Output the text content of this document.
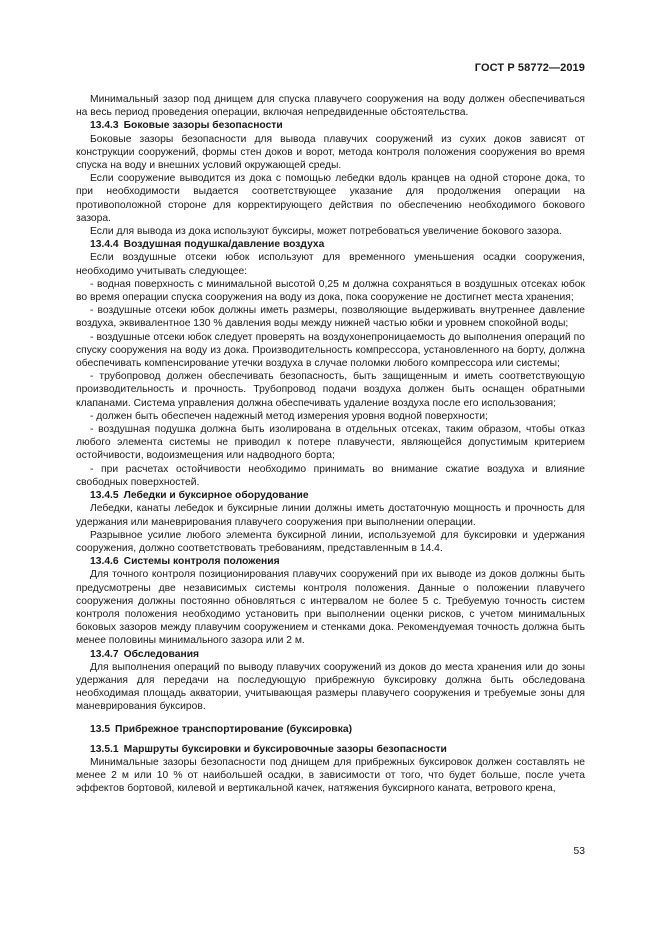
ГОСТ Р 58772—2019

Минимальный зазор под днищем для спуска плавучего сооружения на воду должен обеспечиваться на весь период проведения операции, включая непредвиденные обстоятельства.

13.4.3 Боковые зазоры безопасности

Боковые зазоры безопасности для вывода плавучих сооружений из сухих доков зависят от конструкции сооружений, формы стен доков и ворот, метода контроля положения сооружения во время спуска на воду и внешних условий окружающей среды.

Если сооружение выводится из дока с помощью лебедки вдоль кранцев на одной стороне дока, то при необходимости выдается соответствующее указание для продолжения операции на противоположной стороне для корректирующего действия по обеспечению необходимого бокового зазора.

Если для вывода из дока используют буксиры, может потребоваться увеличение бокового зазора.

13.4.4 Воздушная подушка/давление воздуха

Если воздушные отсеки юбок используют для временного уменьшения осадки сооружения, необходимо учитывать следующее:

- водная поверхность с минимальной высотой 0,25 м должна сохраняться в воздушных отсеках юбок во время операции спуска сооружения на воду из дока, пока сооружение не достигнет места хранения;

- воздушные отсеки юбок должны иметь размеры, позволяющие выдерживать внутреннее давление воздуха, эквивалентное 130 % давления воды между нижней частью юбки и уровнем спокойной воды;

- воздушные отсеки юбок следует проверять на воздухонепроницаемость до выполнения операций по спуску сооружения на воду из дока. Производительность компрессора, установленного на борту, должна обеспечивать компенсирование утечки воздуха в случае поломки любого компрессора или системы;

- трубопровод должен обеспечивать безопасность, быть защищенным и иметь соответствующую производительность и прочность. Трубопровод подачи воздуха должен быть оснащен обратными клапанами. Система управления должна обеспечивать удаление воздуха после его использования;

- должен быть обеспечен надежный метод измерения уровня водной поверхности;

- воздушная подушка должна быть изолирована в отдельных отсеках, таким образом, чтобы отказ любого элемента системы не приводил к потере плавучести, являющейся допустимым критерием остойчивости, водоизмещения или надводного борта;

- при расчетах остойчивости необходимо принимать во внимание сжатие воздуха и влияние свободных поверхностей.

13.4.5 Лебедки и буксирное оборудование

Лебедки, канаты лебедок и буксирные линии должны иметь достаточную мощность и прочность для удержания или маневрирования плавучего сооружения при выполнении операции.

Разрывное усилие любого элемента буксирной линии, используемой для буксировки и удержания сооружения, должно соответствовать требованиям, представленным в 14.4.

13.4.6 Системы контроля положения

Для точного контроля позиционирования плавучих сооружений при их выводе из доков должны быть предусмотрены две независимых системы контроля положения. Данные о положении плавучего сооружения должны постоянно обновляться с интервалом не более 5 с. Требуемую точность систем контроля положения необходимо установить при выполнении оценки рисков, с учетом минимальных боковых зазоров между плавучим сооружением и стенками дока. Рекомендуемая точность должна быть менее половины минимального зазора или 2 м.

13.4.7 Обследования

Для выполнения операций по выводу плавучих сооружений из доков до места хранения или до зоны удержания для передачи на последующую прибрежную буксировку должна быть обследована необходимая площадь акватории, учитывающая размеры плавучего сооружения и требуемые зоны для маневрирования буксиров.

13.5 Прибрежное транспортирование (буксировка)
13.5.1 Маршруты буксировки и буксировочные зазоры безопасности

Минимальные зазоры безопасности под днищем для прибрежных буксировок должен составлять не менее 2 м или 10 % от наибольшей осадки, в зависимости от того, что будет больше, после учета эффектов бортовой, килевой и вертикальной качек, натяжения буксирного каната, ветрового крена,

53
